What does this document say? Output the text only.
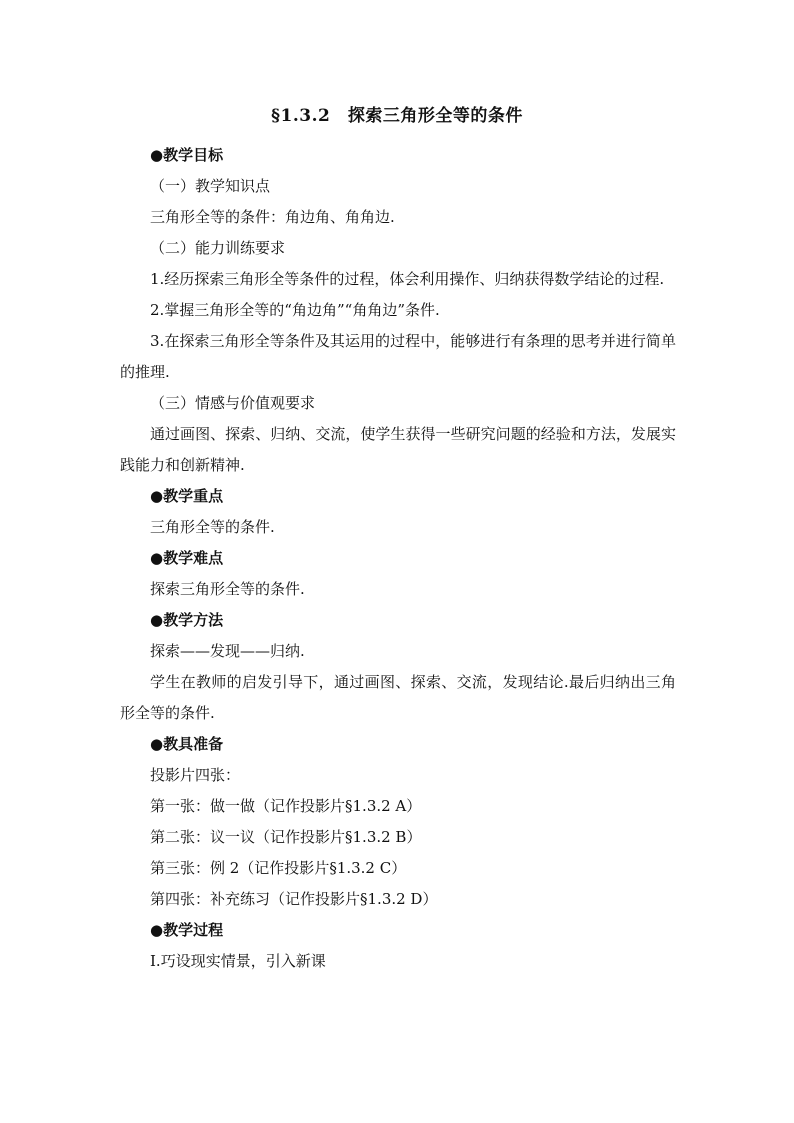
§1.3.2　探索三角形全等的条件

●教学目标

（一）教学知识点

三角形全等的条件：角边角、角角边.

（二）能力训练要求

1.经历探索三角形全等条件的过程，体会利用操作、归纳获得数学结论的过程.

2.掌握三角形全等的“角边角”“角角边”条件.

3.在探索三角形全等条件及其运用的过程中，能够进行有条理的思考并进行简单的推理.

（三）情感与价值观要求

通过画图、探索、归纳、交流，使学生获得一些研究问题的经验和方法，发展实践能力和创新精神.

●教学重点

三角形全等的条件.

●教学难点

探索三角形全等的条件.

●教学方法

探索——发现——归纳.

学生在教师的启发引导下，通过画图、探索、交流，发现结论.最后归纳出三角形全等的条件.

●教具准备

投影片四张：

第一张：做一做（记作投影片§1.3.2 A）

第二张：议一议（记作投影片§1.3.2 B）

第三张：例 2（记作投影片§1.3.2 C）

第四张：补充练习（记作投影片§1.3.2 D）

●教学过程

Ⅰ.巧设现实情景，引入新课
